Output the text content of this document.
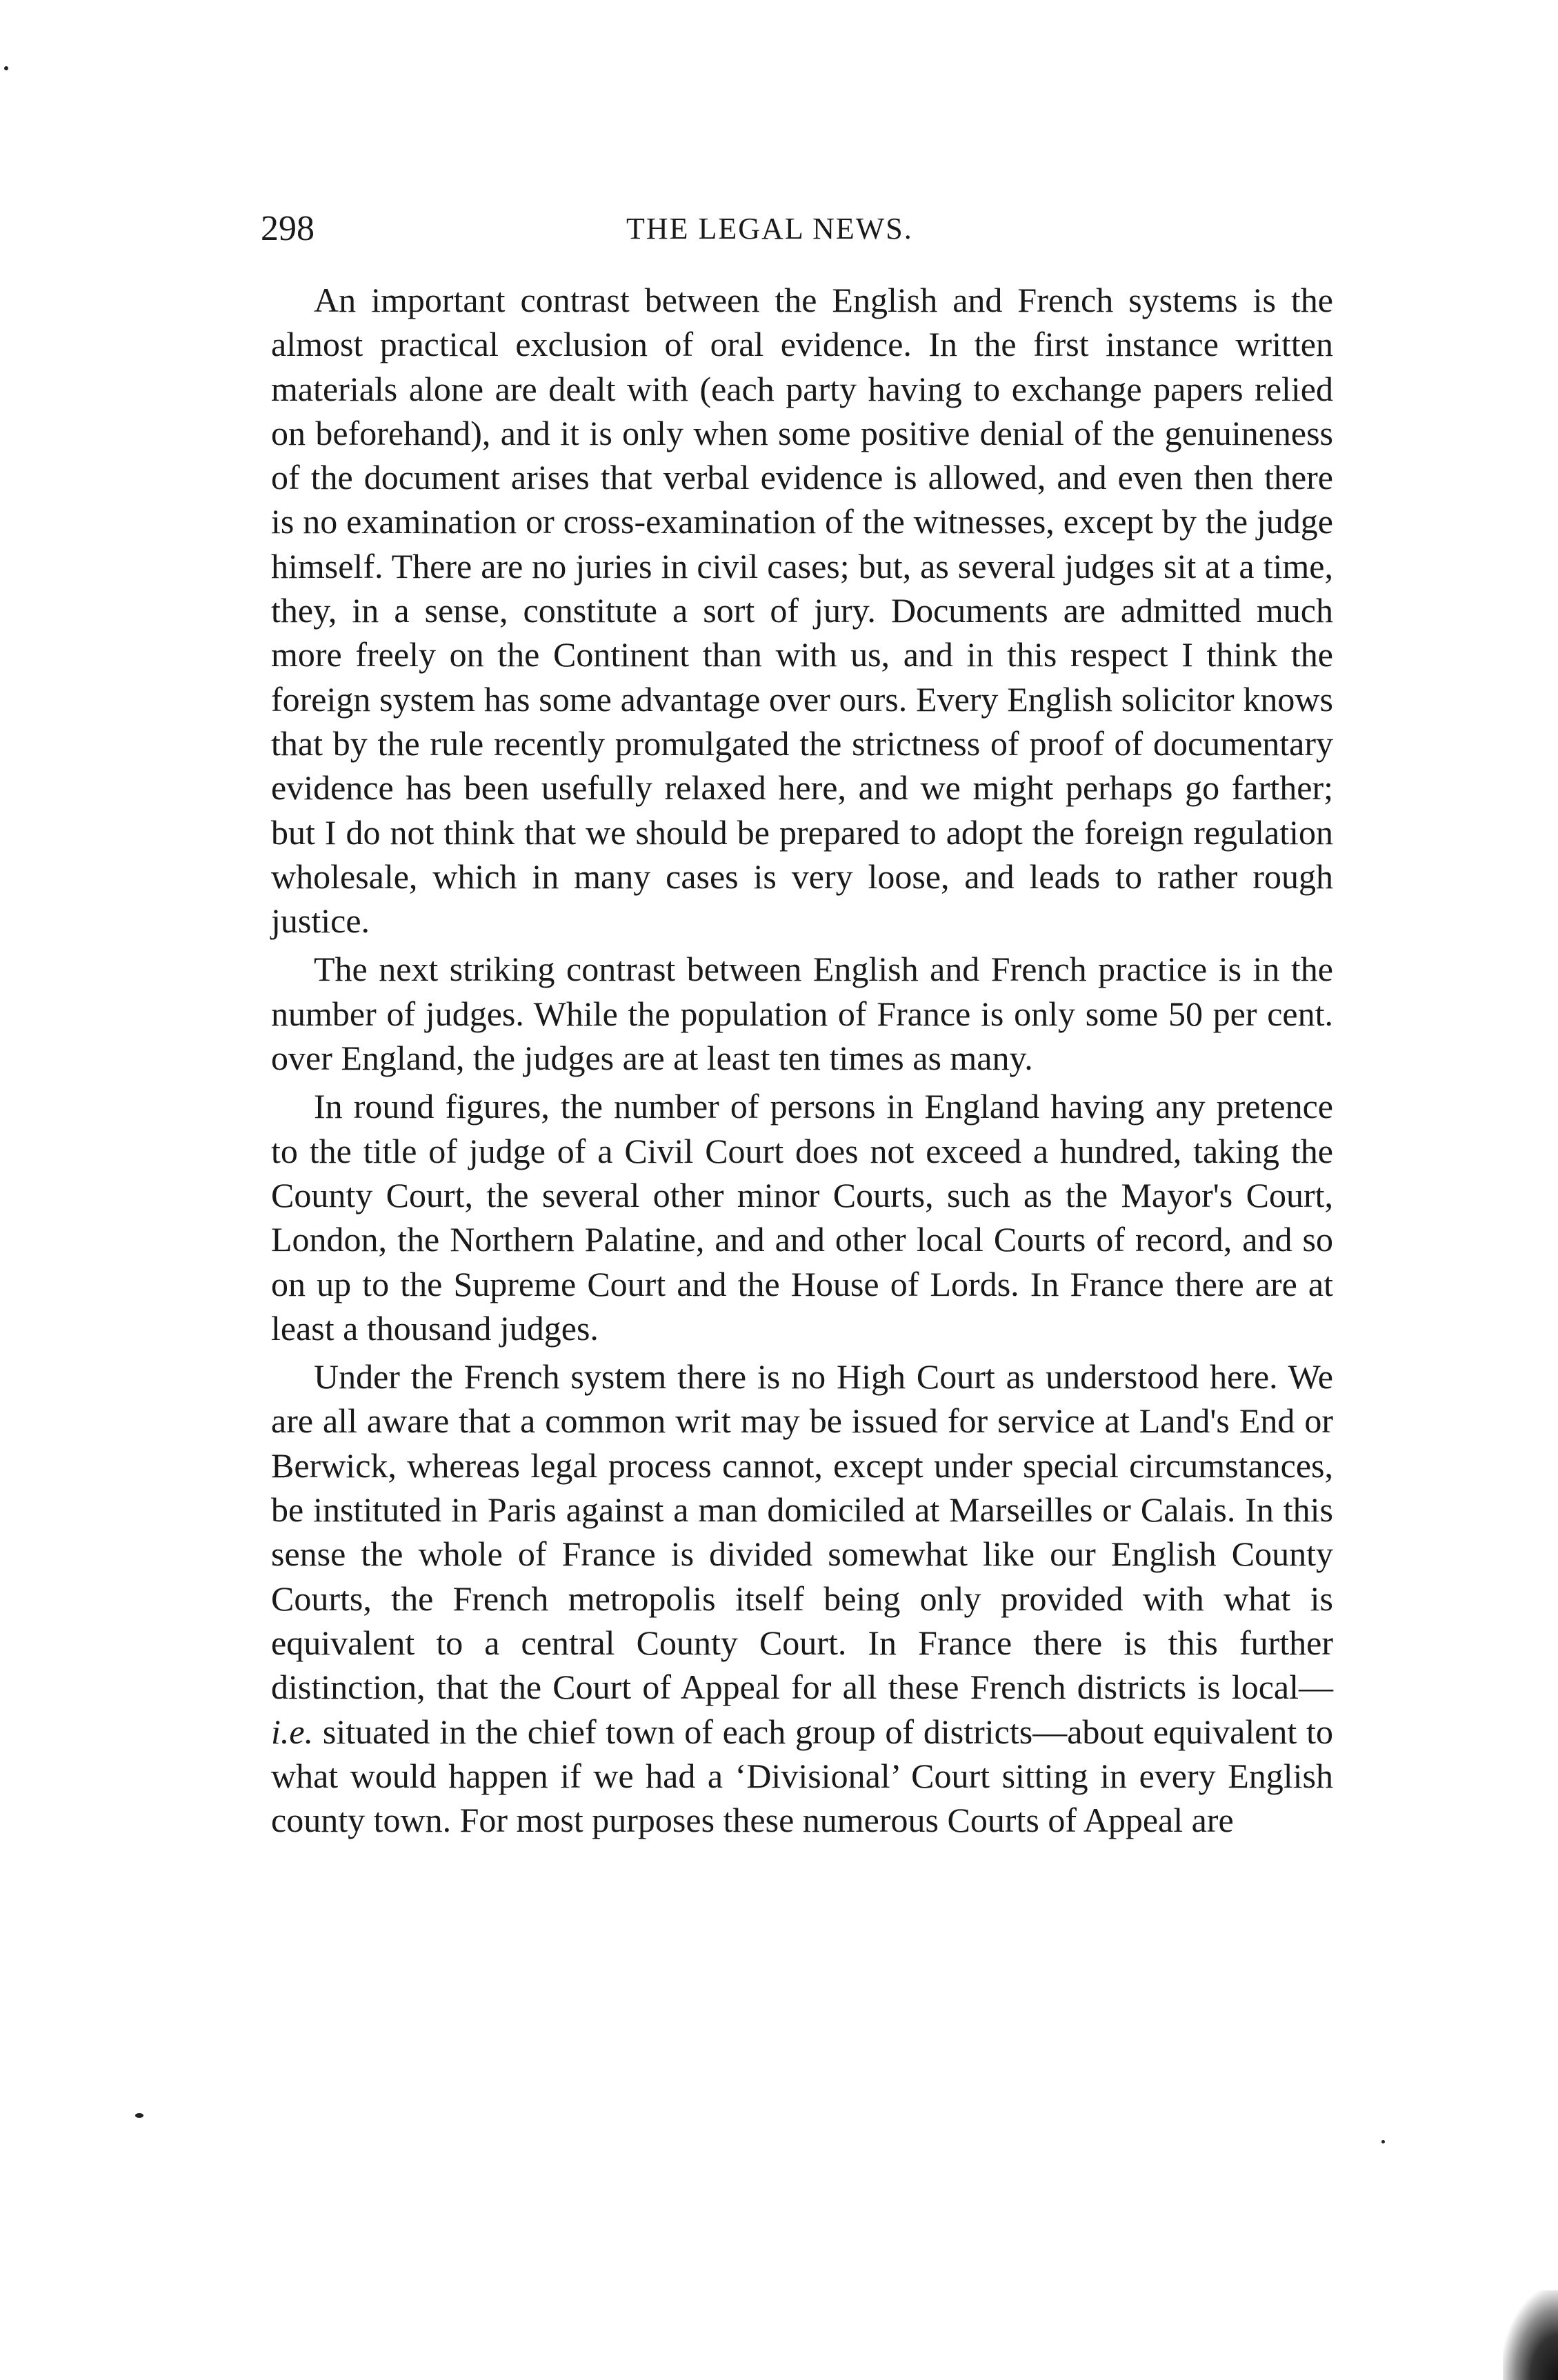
298	THE LEGAL NEWS.

An important contrast between the English and French systems is the almost practical exclusion of oral evidence. In the first instance written materials alone are dealt with (each party having to exchange papers relied on beforehand), and it is only when some positive denial of the genuineness of the document arises that verbal evidence is allowed, and even then there is no examination or cross-examination of the witnesses, except by the judge himself. There are no juries in civil cases; but, as several judges sit at a time, they, in a sense, constitute a sort of jury. Documents are admitted much more freely on the Continent than with us, and in this respect I think the foreign system has some advantage over ours. Every English solicitor knows that by the rule recently promulgated the strictness of proof of documentary evidence has been usefully relaxed here, and we might perhaps go farther; but I do not think that we should be prepared to adopt the foreign regulation wholesale, which in many cases is very loose, and leads to rather rough justice.

The next striking contrast between English and French practice is in the number of judges. While the population of France is only some 50 per cent. over England, the judges are at least ten times as many.

In round figures, the number of persons in England having any pretence to the title of judge of a Civil Court does not exceed a hundred, taking the County Court, the several other minor Courts, such as the Mayor's Court, London, the Northern Palatine, and and other local Courts of record, and so on up to the Supreme Court and the House of Lords. In France there are at least a thousand judges.

Under the French system there is no High Court as understood here. We are all aware that a common writ may be issued for service at Land's End or Berwick, whereas legal process cannot, except under special circumstances, be instituted in Paris against a man domiciled at Marseilles or Calais. In this sense the whole of France is divided somewhat like our English County Courts, the French metropolis itself being only provided with what is equivalent to a central County Court. In France there is this further distinction, that the Court of Appeal for all these French districts is local—i.e. situated in the chief town of each group of districts—about equivalent to what would happen if we had a ‘Divisional’ Court sitting in every English county town. For most purposes these numerous Courts of Appeal are
